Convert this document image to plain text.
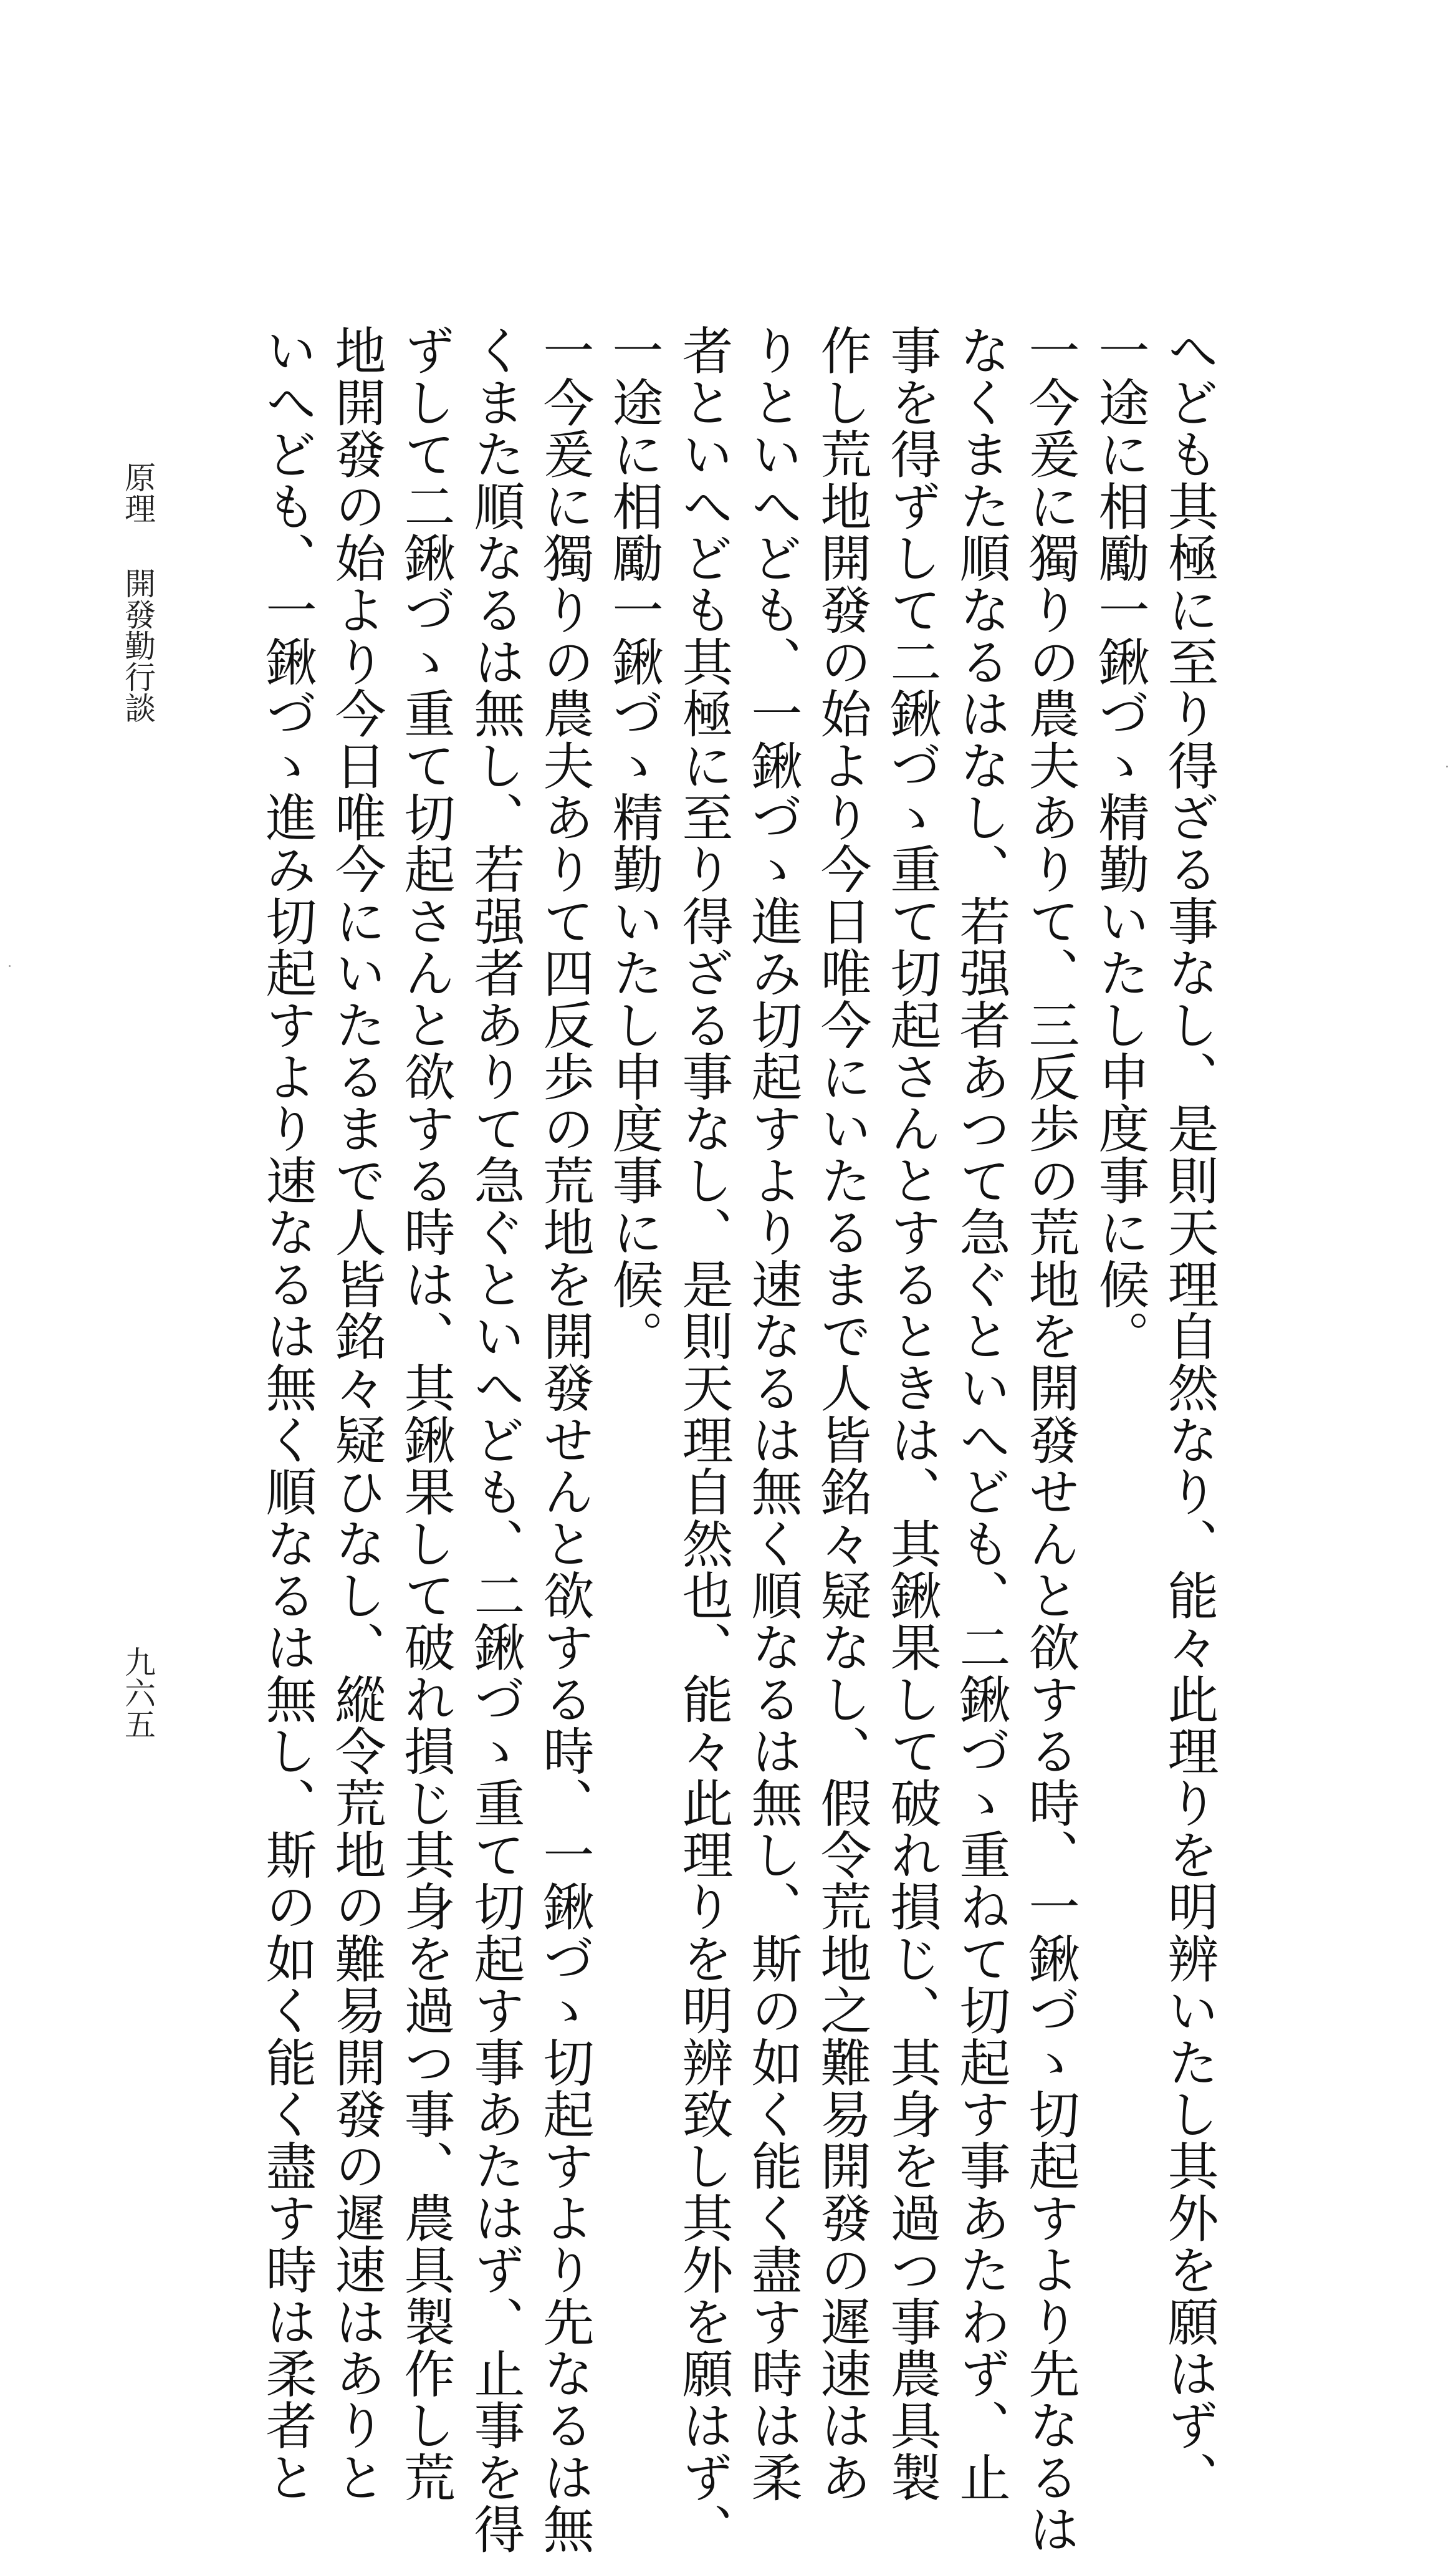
へども其極に至り得ざる事なし、是則天理自然なり、能々此理りを明辨いたし其外を願はず、
一途に相勵一鍬づゝ精勤いたし申度事に候。
一今爰に獨りの農夫ありて、三反歩の荒地を開發せんと欲する時、一鍬づゝ切起すより先なるは
なくまた順なるはなし、若强者あつて急ぐといへども、二鍬づゝ重ねて切起す事あたわず、止
事を得ずして二鍬づゝ重て切起さんとするときは、其鍬果して破れ損じ、其身を過つ事農具製
作し荒地開發の始より今日唯今にいたるまで人皆銘々疑なし、假令荒地之難易開發の遲速はあ
りといへども、一鍬づゝ進み切起すより速なるは無く順なるは無し、斯の如く能く盡す時は柔
者といへども其極に至り得ざる事なし、是則天理自然也、能々此理りを明辨致し其外を願はず、
一途に相勵一鍬づゝ精勤いたし申度事に候。
一今爰に獨りの農夫ありて四反歩の荒地を開發せんと欲する時、一鍬づゝ切起すより先なるは無
くまた順なるは無し、若强者ありて急ぐといへども、二鍬づゝ重て切起す事あたはず、止事を得
ずして二鍬づゝ重て切起さんと欲する時は、其鍬果して破れ損じ其身を過つ事、農具製作し荒
地開發の始より今日唯今にいたるまで人皆銘々疑ひなし、縱令荒地の難易開發の遲速はありと
いへども、一鍬づゝ進み切起すより速なるは無く順なるは無し、斯の如く能く盡す時は柔者と
原理開發勤行談
九六五
